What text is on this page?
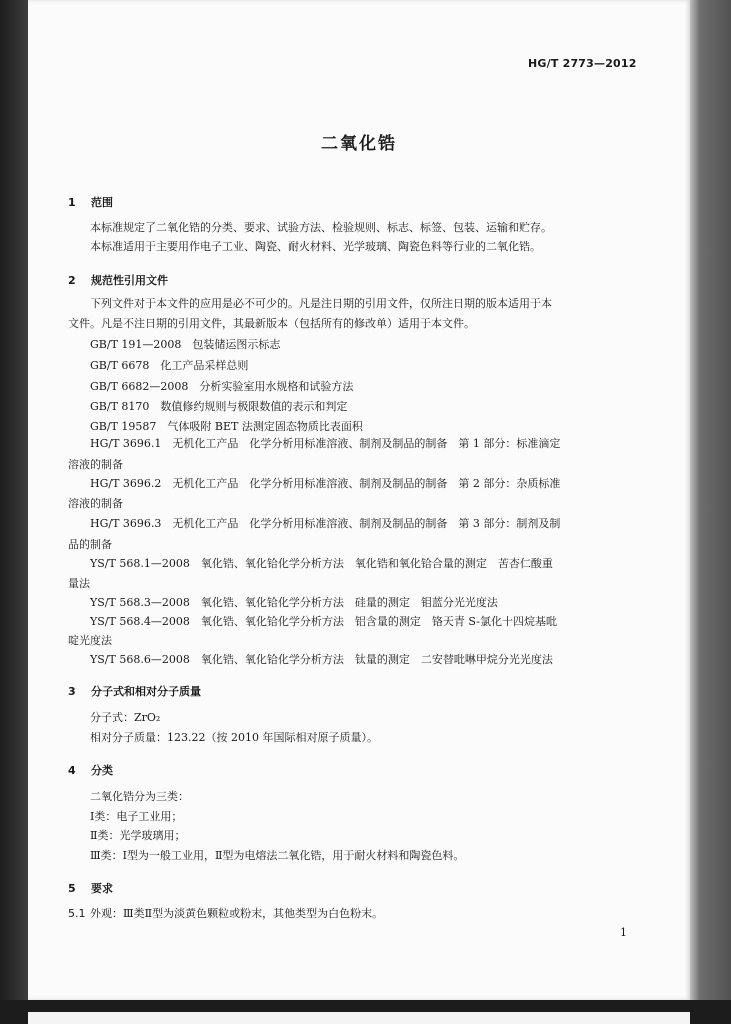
HG/T 2773—2012
二氧化锆
1 范围
本标准规定了二氧化锆的分类、要求、试验方法、检验规则、标志、标签、包装、运输和贮存。
本标准适用于主要用作电子工业、陶瓷、耐火材料、光学玻璃、陶瓷色料等行业的二氧化锆。
2 规范性引用文件
下列文件对于本文件的应用是必不可少的。凡是注日期的引用文件，仅所注日期的版本适用于本
文件。凡是不注日期的引用文件，其最新版本（包括所有的修改单）适用于本文件。
GB/T 191—2008　包装储运图示标志
GB/T 6678　化工产品采样总则
GB/T 6682—2008　分析实验室用水规格和试验方法
GB/T 8170　数值修约规则与极限数值的表示和判定
GB/T 19587　气体吸附 BET 法测定固态物质比表面积
HG/T 3696.1　无机化工产品　化学分析用标准溶液、制剂及制品的制备　第 1 部分：标准滴定
溶液的制备
HG/T 3696.2　无机化工产品　化学分析用标准溶液、制剂及制品的制备　第 2 部分：杂质标准
溶液的制备
HG/T 3696.3　无机化工产品　化学分析用标准溶液、制剂及制品的制备　第 3 部分：制剂及制
品的制备
YS/T 568.1—2008　氧化锆、氧化铪化学分析方法　氧化锆和氧化铪合量的测定　苦杏仁酸重
量法
YS/T 568.3—2008　氧化锆、氧化铪化学分析方法　硅量的测定　钼蓝分光光度法
YS/T 568.4—2008　氧化锆、氧化铪化学分析方法　铝含量的测定　铬天青 S-氯化十四烷基吡
啶光度法
YS/T 568.6—2008　氧化锆、氧化铪化学分析方法　钛量的测定　二安替吡啉甲烷分光光度法
3 分子式和相对分子质量
分子式：ZrO₂
相对分子质量：123.22（按 2010 年国际相对原子质量）。
4 分类
二氧化锆分为三类：
Ⅰ类：电子工业用；
Ⅱ类：光学玻璃用；
Ⅲ类：Ⅰ型为一般工业用，Ⅱ型为电熔法二氧化锆，用于耐火材料和陶瓷色料。
5 要求
5.1 外观：Ⅲ类Ⅱ型为淡黄色颗粒或粉末，其他类型为白色粉末。
1
